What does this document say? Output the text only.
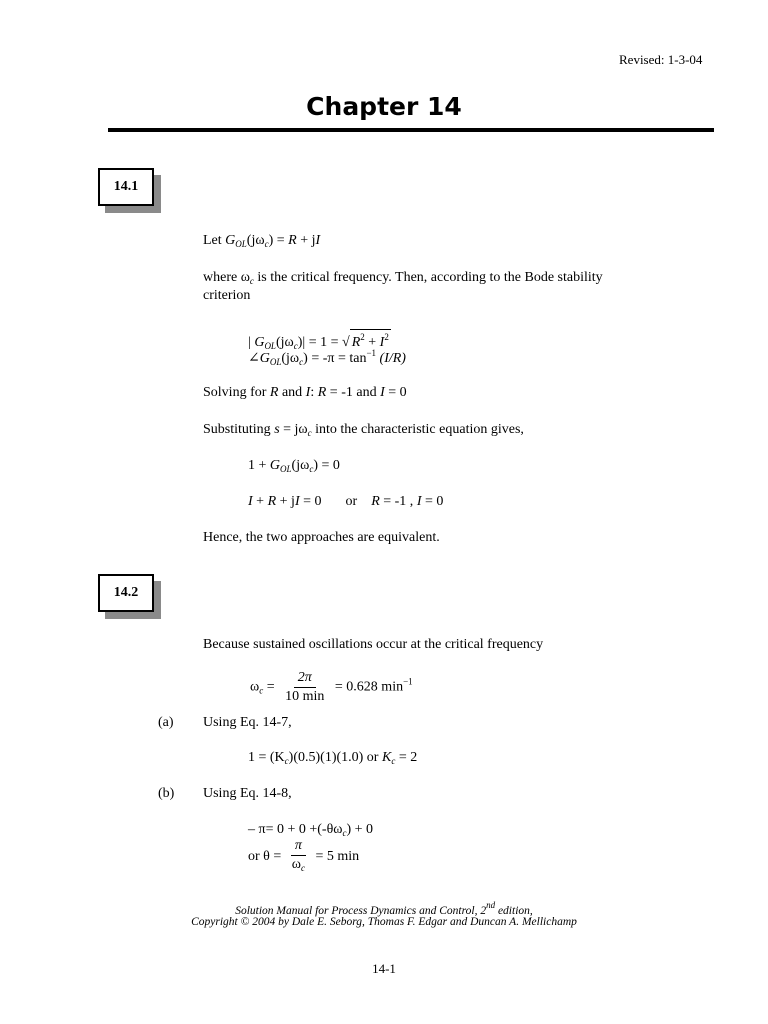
Revised: 1-3-04
Chapter 14
14.1
Let $G_{OL}(j\omega_c) = R$ + jI
where $\omega_c$ is the critical frequency. Then, according to the Bode stability
criterion
| $G_{OL}(j\omega_c)| = 1$ = √ $R^2 + I^2$
$\angle G_{OL}(j\omega_c) = -\pi = \tan^{-1} (I/R)$
Solving for R and I: R = -1 and I = 0
Substituting $s = j\omega_c$ into the characteristic equation gives,
$1 + G_{OL}(j\omega_c) = 0$
I + R + jI = 0 or R = -1 , I = 0
Hence, the two approaches are equivalent.
14.2
Because sustained oscillations occur at the critical frequency
$\omega_c = \frac{2\pi}{10 \min} = 0.628$ $\min^{-1}$
(a) Using Eq. 14-7,
$1 = (K_c)(0.5)(1)(1.0)$ or $K_c = 2$
(b) Using Eq. 14-8,
– $\pi= 0 + 0 +(-\theta\omega_c) + 0$
or $\theta = \frac{\pi}{\omega_c} = 5$ min
Solution Manual for Process Dynamics and Control, 2nd edition,
Copyright © 2004 by Dale E. Seborg, Thomas F. Edgar and Duncan A. Mellichamp
14-1
